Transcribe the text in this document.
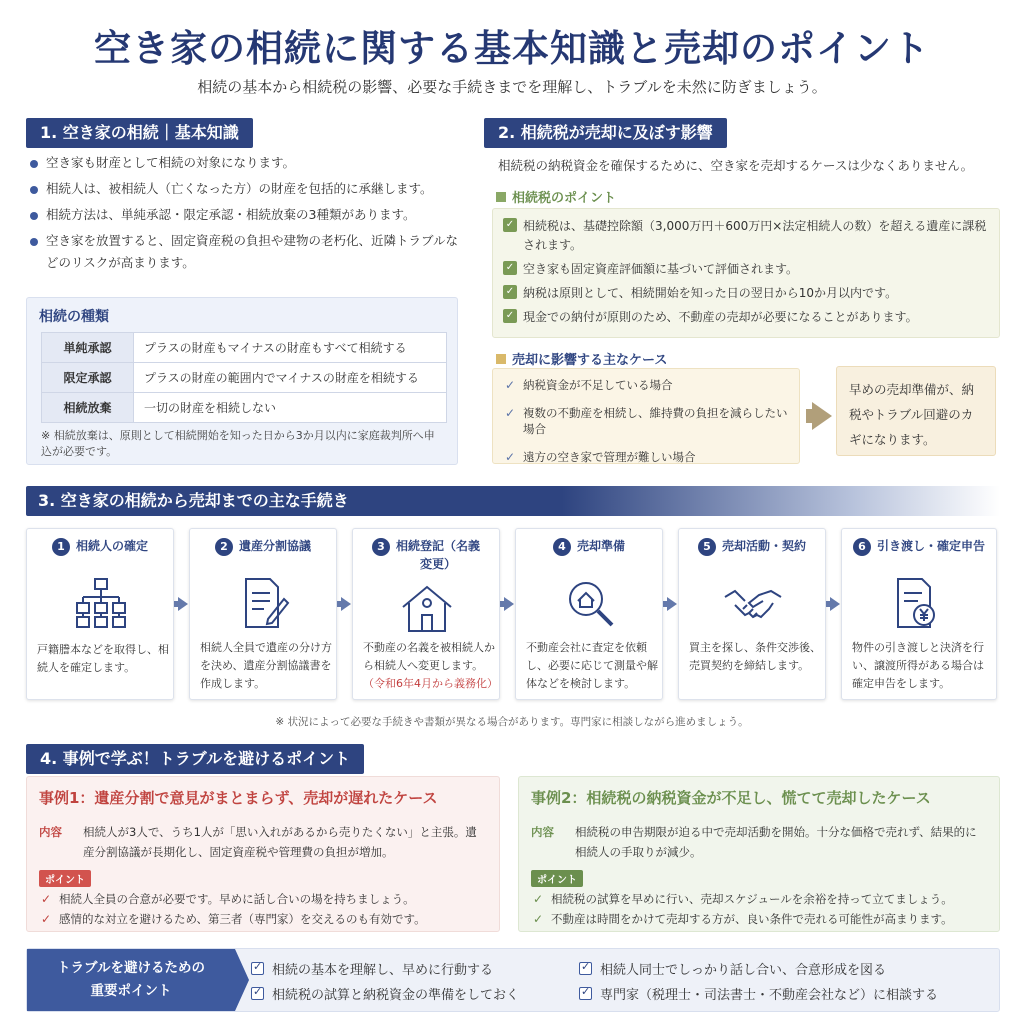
空き家の相続に関する基本知識と売却のポイント
相続の基本から相続税の影響、必要な手続きまでを理解し、トラブルを未然に防ぎましょう。
1. 空き家の相続｜基本知識
空き家も財産として相続の対象になります。
相続人は、被相続人（亡くなった方）の財産を包括的に承継します。
相続方法は、単純承認・限定承認・相続放棄の3種類があります。
空き家を放置すると、固定資産税の負担や建物の老朽化、近隣トラブルなどのリスクが高まります。
相続の種類
単純承認	プラスの財産もマイナスの財産もすべて相続する
限定承認	プラスの財産の範囲内でマイナスの財産を相続する
相続放棄	一切の財産を相続しない
※ 相続放棄は、原則として相続開始を知った日から3か月以内に家庭裁判所へ申込が必要です。
2. 相続税が売却に及ぼす影響
相続税の納税資金を確保するために、空き家を売却するケースは少なくありません。
相続税のポイント
✓ 相続税は、基礎控除額（3,000万円＋600万円×法定相続人の数）を超える遺産に課税されます。
✓ 空き家も固定資産評価額に基づいて評価されます。
✓ 納税は原則として、相続開始を知った日の翌日から10か月以内です。
✓ 現金での納付が原則のため、不動産の売却が必要になることがあります。
売却に影響する主なケース
✓ 納税資金が不足している場合
✓ 複数の不動産を相続し、維持費の負担を減らしたい場合
✓ 遠方の空き家で管理が難しい場合
早めの売却準備が、納税やトラブル回避のカギになります。
3. 空き家の相続から売却までの主な手続き
1 相続人の確定
戸籍謄本などを取得し、相続人を確定します。
2 遺産分割協議
相続人全員で遺産の分け方を決め、遺産分割協議書を作成します。
3 相続登記（名義変更）
不動産の名義を被相続人から相続人へ変更します。
（令和6年4月から義務化）
4 売却準備
不動産会社に査定を依頼し、必要に応じて測量や解体などを検討します。
5 売却活動・契約
買主を探し、条件交渉後、売買契約を締結します。
6 引き渡し・確定申告
物件の引き渡しと決済を行い、譲渡所得がある場合は確定申告をします。
※ 状況によって必要な手続きや書類が異なる場合があります。専門家に相談しながら進めましょう。
4. 事例で学ぶ！トラブルを避けるポイント
事例1：遺産分割で意見がまとまらず、売却が遅れたケース
内容	相続人が3人で、うち1人が「思い入れがあるから売りたくない」と主張。遺産分割協議が長期化し、固定資産税や管理費の負担が増加。
ポイント
✓ 相続人全員の合意が必要です。早めに話し合いの場を持ちましょう。
✓ 感情的な対立を避けるため、第三者（専門家）を交えるのも有効です。
事例2：相続税の納税資金が不足し、慌てて売却したケース
内容	相続税の申告期限が迫る中で売却活動を開始。十分な価格で売れず、結果的に相続人の手取りが減少。
ポイント
✓ 相続税の試算を早めに行い、売却スケジュールを余裕を持って立てましょう。
✓ 不動産は時間をかけて売却する方が、良い条件で売れる可能性が高まります。
トラブルを避けるための
重要ポイント
✓
相続の基本を理解し、早めに行動する
✓
相続税の試算と納税資金の準備をしておく
✓
相続人同士でしっかり話し合い、合意形成を図る
✓
専門家（税理士・司法書士・不動産会社など）に相談する
